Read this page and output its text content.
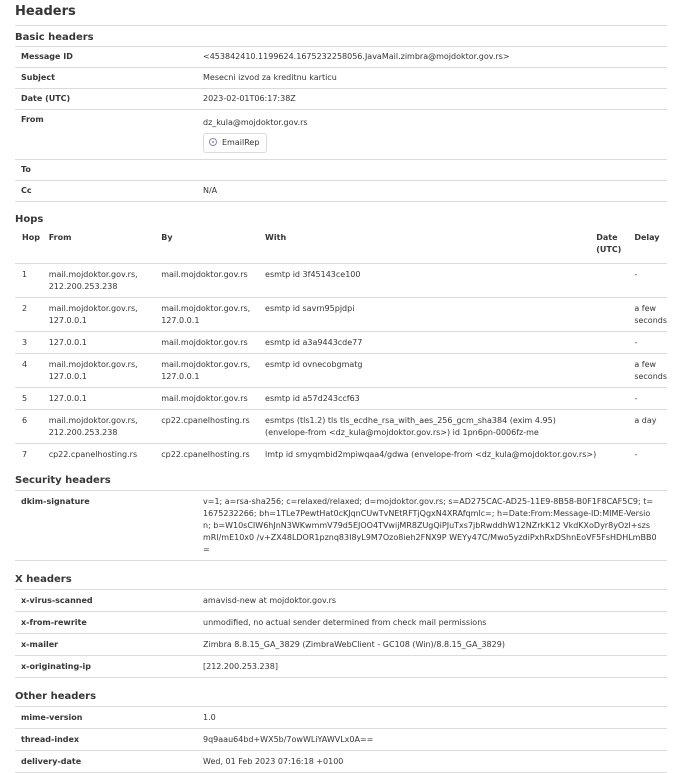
Headers
Basic headers
Message ID	<453842410.1199624.1675232258056.JavaMail.zimbra@mojdoktor.gov.rs>
Subject	Mesecni izvod za kreditnu karticu
Date (UTC)	2023-02-01T06:17:38Z
From	dz_kula@mojdoktor.gov.rs
EmailRep
To	
Cc	N/A
Hops
Hop	From	By	With	Date (UTC)	Delay
1	mail.mojdoktor.gov.rs, 212.200.253.238	mail.mojdoktor.gov.rs	esmtp id 3f45143ce100		-
2	mail.mojdoktor.gov.rs, 127.0.0.1	mail.mojdoktor.gov.rs, 127.0.0.1	esmtp id savrn95pjdpi		a few seconds
3	127.0.0.1	mail.mojdoktor.gov.rs	esmtp id a3a9443cde77		-
4	mail.mojdoktor.gov.rs, 127.0.0.1	mail.mojdoktor.gov.rs, 127.0.0.1	esmtp id ovnecobgmatg		a few seconds
5	127.0.0.1	mail.mojdoktor.gov.rs	esmtp id a57d243ccf63		-
6	mail.mojdoktor.gov.rs, 212.200.253.238	cp22.cpanelhosting.rs	esmtps (tls1.2) tls tls_ecdhe_rsa_with_aes_256_gcm_sha384 (exim 4.95) (envelope-from <dz_kula@mojdoktor.gov.rs>) id 1pn6pn-0006fz-me		a day
7	cp22.cpanelhosting.rs	cp22.cpanelhosting.rs	lmtp id smyqmbid2mpiwqaa4/gdwa (envelope-from <dz_kula@mojdoktor.gov.rs>)		-
Security headers
dkim-signature	v=1; a=rsa-sha256; c=relaxed/relaxed; d=mojdoktor.gov.rs; s=AD275CAC-AD25-11E9-8B58-B0F1F8CAF5C9; t=1675232266; bh=1TLe7PewtHat0cKJqnCUwTvNEtRFTjQgxN4XRAfqmlc=; h=Date:From:Message-ID:MIME-Version; b=W10sCIW6hJnN3WKwmmV79d5EJOO4TVwijMR8ZUgQiPJuTxs7jbRwddhW12NZrkK12 VkdKXoDyr8yOzI+szsmRl/mE10x0 /v+ZX48LDOR1pznq83I8yL9M7Ozo8ieh2FNX9P WEYy47C/Mwo5yzdiPxhRxDShnEoVF5FsHDHLmBB0=
X headers
x-virus-scanned	amavisd-new at mojdoktor.gov.rs
x-from-rewrite	unmodified, no actual sender determined from check mail permissions
x-mailer	Zimbra 8.8.15_GA_3829 (ZimbraWebClient - GC108 (Win)/8.8.15_GA_3829)
x-originating-ip	[212.200.253.238]
Other headers
mime-version	1.0
thread-index	9q9aau64bd+WX5b/7owWLiYAWVLx0A==
delivery-date	Wed, 01 Feb 2023 07:16:18 +0100
